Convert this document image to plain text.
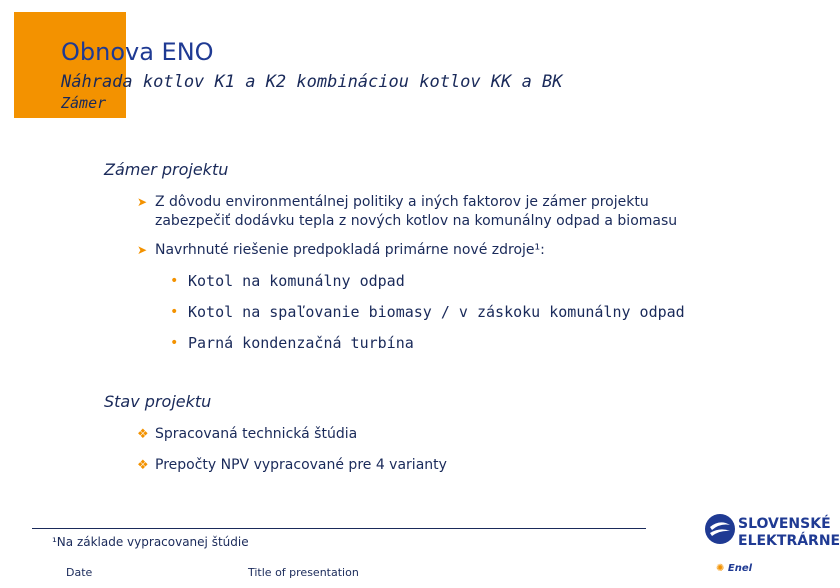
Obnova ENO
Náhrada kotlov K1 a K2 kombináciou kotlov KK a BK
Zámer
Zámer projektu
➤ Z dôvodu environmentálnej politiky a iných faktorov je zámer projektu
zabezpečiť dodávku tepla z nových kotlov na komunálny odpad a biomasu
➤ Navrhnuté riešenie predpokladá primárne nové zdroje¹:
• Kotol na komunálny odpad
• Kotol na spaľovanie biomasy / v záskoku komunálny odpad
• Parná kondenzačná turbína
Stav projektu
❖ Spracovaná technická štúdia
❖ Prepočty NPV vypracované pre 4 varianty
¹Na základe vypracovanej štúdie
Date	Title of presentation
SLOVENSKÉ
ELEKTRÁRNE
✺ Enel
